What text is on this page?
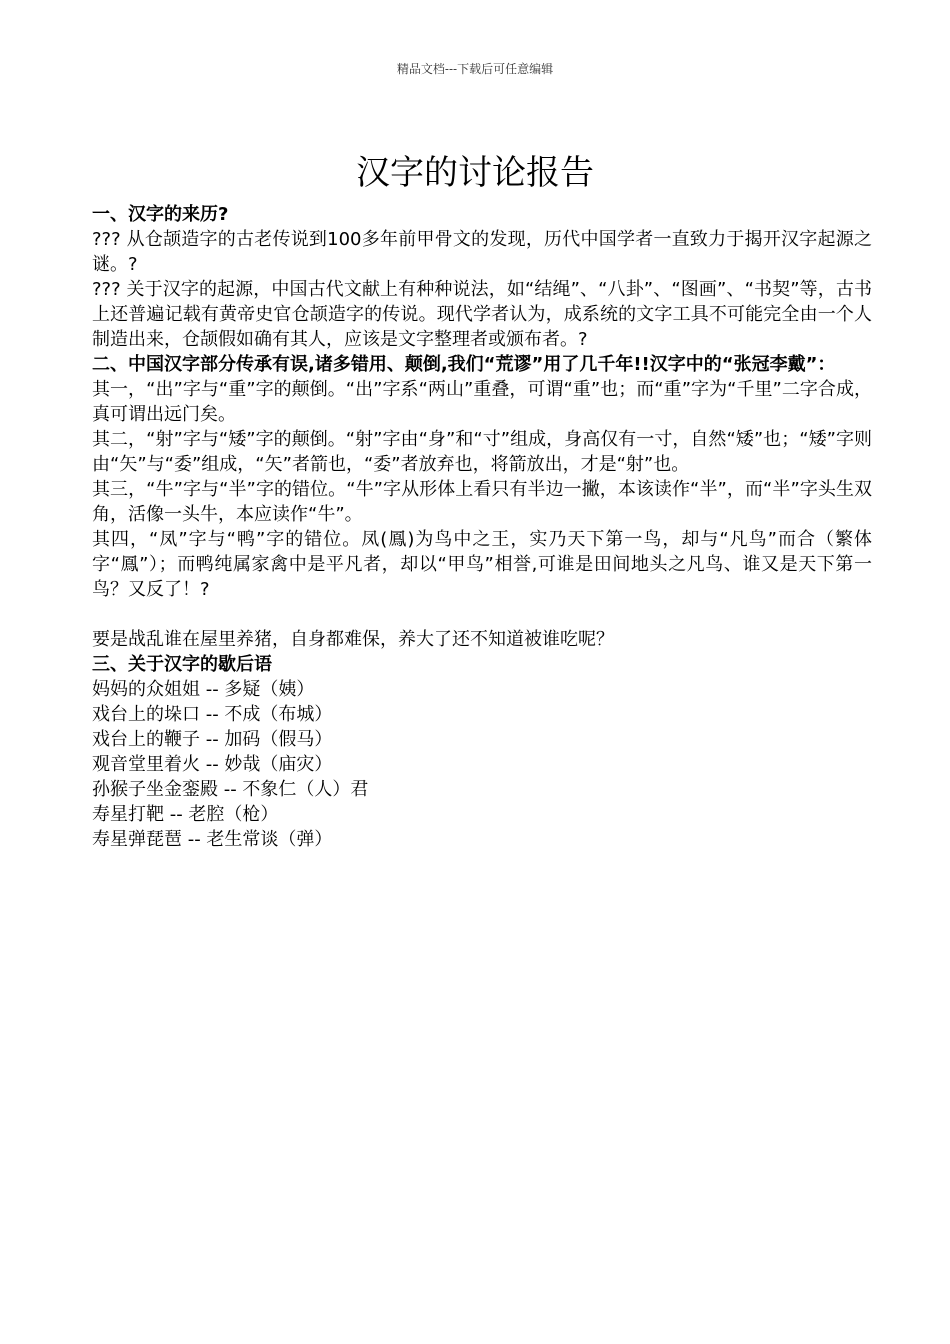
精品文档---下载后可任意编辑
汉字的讨论报告

一、汉字的来历?

??? 从仓颉造字的古老传说到100多年前甲骨文的发现，历代中国学者一直致力于揭开汉字起源之谜。?

??? 关于汉字的起源，中国古代文献上有种种说法，如“结绳”、“八卦”、“图画”、“书契”等，古书上还普遍记载有黄帝史官仓颉造字的传说。现代学者认为，成系统的文字工具不可能完全由一个人制造出来，仓颉假如确有其人，应该是文字整理者或颁布者。?

二、中国汉字部分传承有误,诸多错用、颠倒,我们“荒谬”用了几千年!!汉字中的“张冠李戴”：

其一，“出”字与“重”字的颠倒。“出”字系“两山”重叠，可谓“重”也；而“重”字为“千里”二字合成，真可谓出远门矣。

其二，“射”字与“矮”字的颠倒。“射”字由“身”和“寸”组成，身高仅有一寸，自然“矮”也；“矮”字则由“矢”与“委”组成，“矢”者箭也，“委”者放弃也，将箭放出，才是“射”也。

其三，“牛”字与“半”字的错位。“牛”字从形体上看只有半边一撇，本该读作“半”，而“半”字头生双角，活像一头牛，本应读作“牛”。

其四，“凤”字与“鸭”字的错位。凤(鳳)为鸟中之王，实乃天下第一鸟，却与“凡鸟”而合（繁体字“鳳”）；而鸭纯属家禽中是平凡者，却以“甲鸟”相誉,可谁是田间地头之凡鸟、谁又是天下第一鸟？又反了！?

要是战乱谁在屋里养猪，自身都难保，养大了还不知道被谁吃呢？

三、关于汉字的歇后语

妈妈的众姐姐 -- 多疑（姨）

戏台上的垛口 -- 不成（布城）

戏台上的鞭子 -- 加码（假马）

观音堂里着火 -- 妙哉（庙灾）

孙猴子坐金銮殿 -- 不象仁（人）君

寿星打靶 -- 老腔（枪）

寿星弹琵琶 -- 老生常谈（弹）
